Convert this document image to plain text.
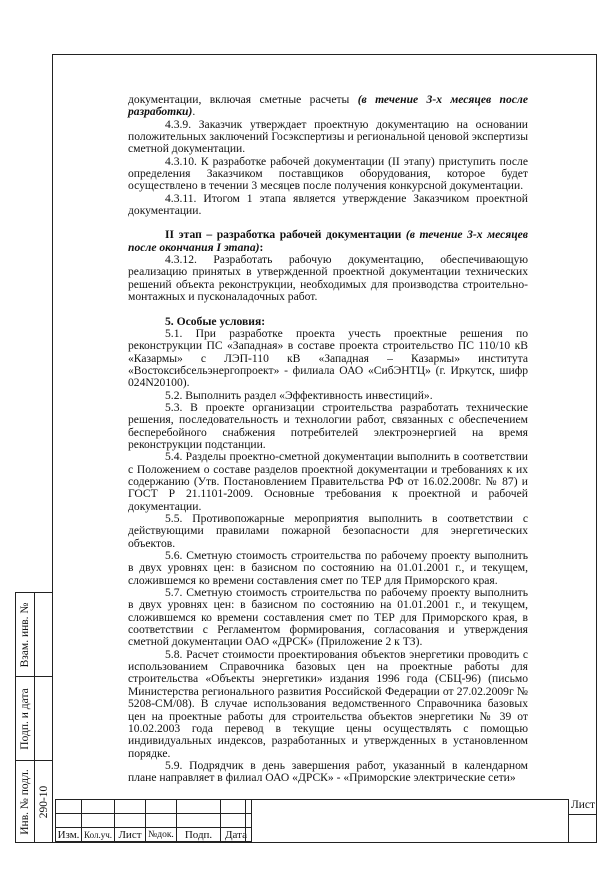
документации, включая сметные расчеты (в течение 3-х месяцев после разработки).

4.3.9. Заказчик утверждает проектную документацию на основании положительных заключений Госэкспертизы и региональной ценовой экспертизы сметной документации.

4.3.10. К разработке рабочей документации (II этапу) приступить после определения Заказчиком поставщиков оборудования, которое будет осуществлено в течении 3 месяцев после получения конкурсной документации.

4.3.11. Итогом 1 этапа является утверждение Заказчиком проектной документации.

II этап – разработка рабочей документации (в течение 3-х месяцев после окончания I этапа):

4.3.12. Разработать рабочую документацию, обеспечивающую реализацию принятых в утвержденной проектной документации технических решений объекта реконструкции, необходимых для производства строительно-монтажных и пусконаладочных работ.

5. Особые условия:

5.1. При разработке проекта учесть проектные решения по реконструкции ПС «Западная» в составе проекта строительство ПС 110/10 кВ «Казармы» с ЛЭП-110 кВ «Западная – Казармы» института «Востоксибсельэнергопроект» - филиала ОАО «СибЭНТЦ» (г. Иркутск, шифр 024N20100).

5.2. Выполнить раздел «Эффективность инвестиций».

5.3. В проекте организации строительства разработать технические решения, последовательность и технологии работ, связанных с обеспечением бесперебойного снабжения потребителей электроэнергией на время реконструкции подстанции.

5.4. Разделы проектно-сметной документации выполнить в соответствии с Положением о составе разделов проектной документации и требованиях к их содержанию (Утв. Постановлением Правительства РФ от 16.02.2008г. № 87) и ГОСТ Р 21.1101-2009. Основные требования к проектной и рабочей документации.

5.5. Противопожарные мероприятия выполнить в соответствии с действующими правилами пожарной безопасности для энергетических объектов.

5.6. Сметную стоимость строительства по рабочему проекту выполнить в двух уровнях цен: в базисном по состоянию на 01.01.2001 г., и текущем, сложившемся ко времени составления смет по ТЕР для Приморского края.

5.7. Сметную стоимость строительства по рабочему проекту выполнить в двух уровнях цен: в базисном по состоянию на 01.01.2001 г., и текущем, сложившемся ко времени составления смет по ТЕР для Приморского края, в соответствии с Регламентом формирования, согласования и утверждения сметной документации ОАО «ДРСК» (Приложение 2 к ТЗ).

5.8. Расчет стоимости проектирования объектов энергетики проводить с использованием Справочника базовых цен на проектные работы для строительства «Объекты энергетики» издания 1996 года (СБЦ-96) (письмо Министерства регионального развития Российской Федерации от 27.02.2009г № 5208-СМ/08). В случае использования ведомственного Справочника базовых цен на проектные работы для строительства объектов энергетики № 39 от 10.02.2003 года перевод в текущие цены осуществлять с помощью индивидуальных индексов, разработанных и утвержденных в установленном порядке.

5.9. Подрядчик в день завершения работ, указанный в календарном плане направляет в филиал ОАО «ДРСК» - «Приморские электрические сети»

Взам. инв. №
Подп. и дата
Инв. № подл. 290-10

Изм.	Кол.уч.	Лист	№док.	Подп.	Дата
Лист
